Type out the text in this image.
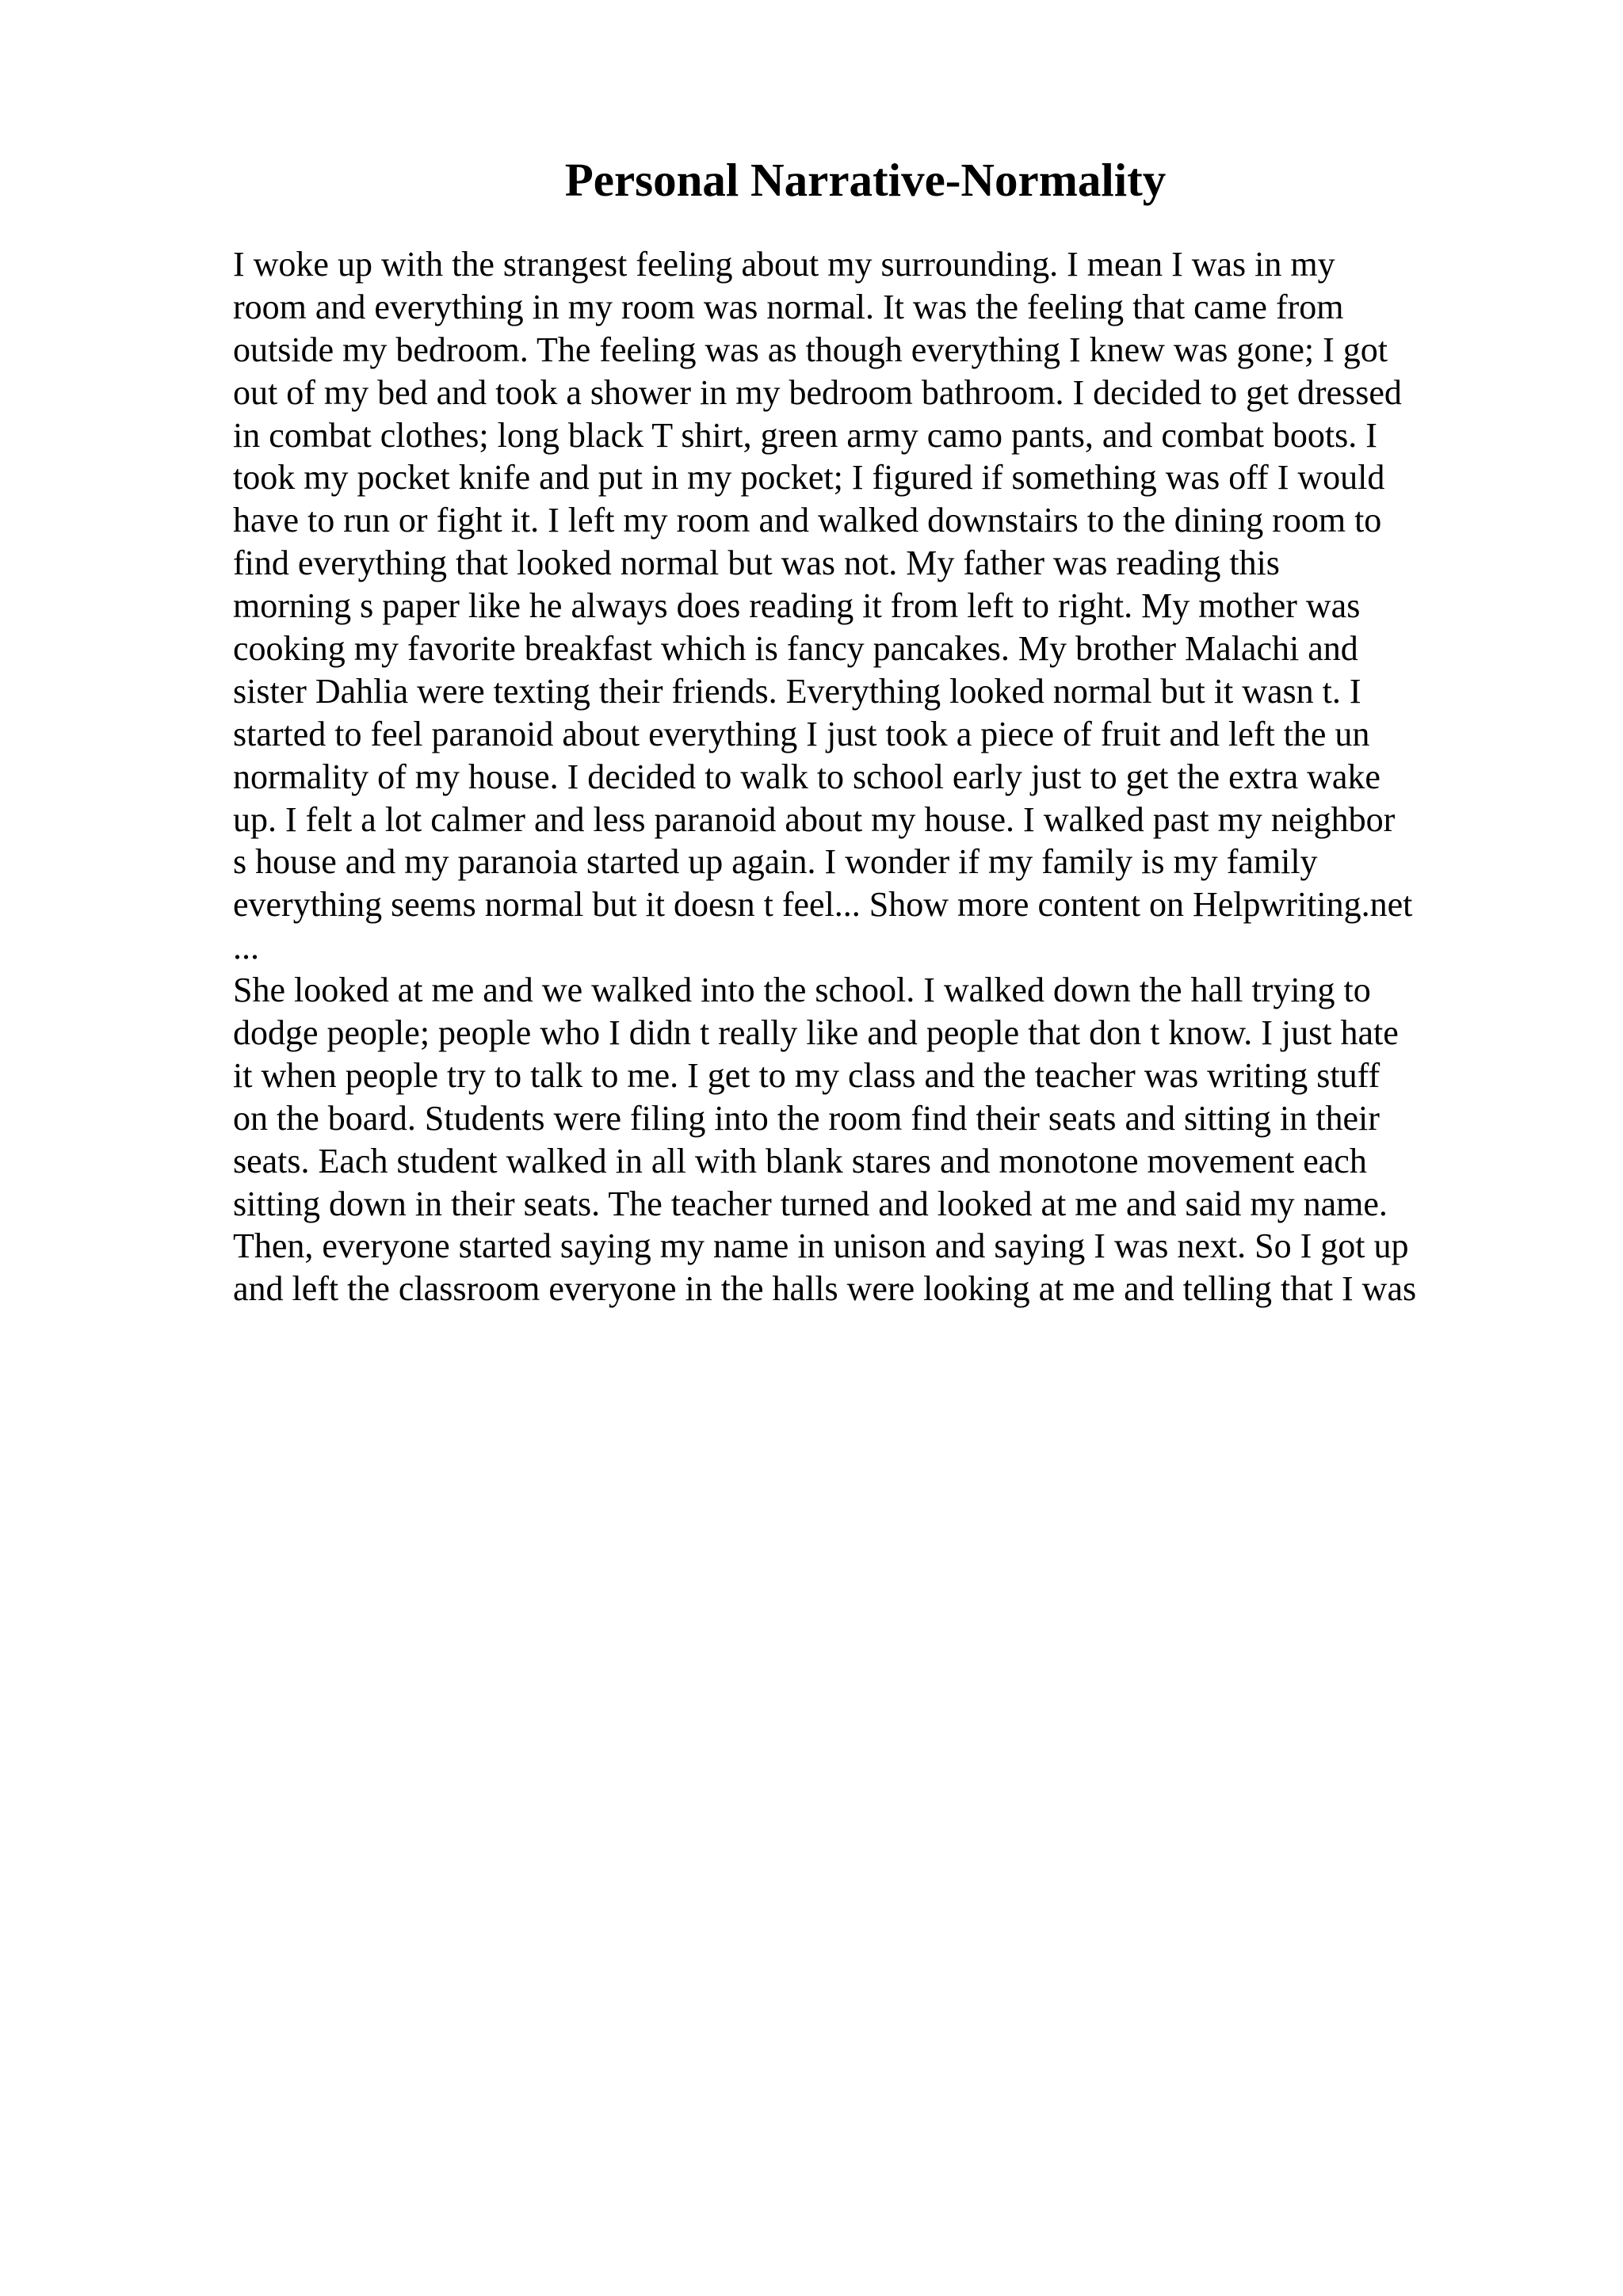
Personal Narrative-Normality
I woke up with the strangest feeling about my surrounding. I mean I was in my
room and everything in my room was normal. It was the feeling that came from
outside my bedroom. The feeling was as though everything I knew was gone; I got
out of my bed and took a shower in my bedroom bathroom. I decided to get dressed
in combat clothes; long black T shirt, green army camo pants, and combat boots. I
took my pocket knife and put in my pocket; I figured if something was off I would
have to run or fight it. I left my room and walked downstairs to the dining room to
find everything that looked normal but was not. My father was reading this
morning s paper like he always does reading it from left to right. My mother was
cooking my favorite breakfast which is fancy pancakes. My brother Malachi and
sister Dahlia were texting their friends. Everything looked normal but it wasn t. I
started to feel paranoid about everything I just took a piece of fruit and left the un
normality of my house. I decided to walk to school early just to get the extra wake
up. I felt a lot calmer and less paranoid about my house. I walked past my neighbor
s house and my paranoia started up again. I wonder if my family is my family
everything seems normal but it doesn t feel... Show more content on Helpwriting.net
...
She looked at me and we walked into the school. I walked down the hall trying to
dodge people; people who I didn t really like and people that don t know. I just hate
it when people try to talk to me. I get to my class and the teacher was writing stuff
on the board. Students were filing into the room find their seats and sitting in their
seats. Each student walked in all with blank stares and monotone movement each
sitting down in their seats. The teacher turned and looked at me and said my name.
Then, everyone started saying my name in unison and saying I was next. So I got up
and left the classroom everyone in the halls were looking at me and telling that I was
